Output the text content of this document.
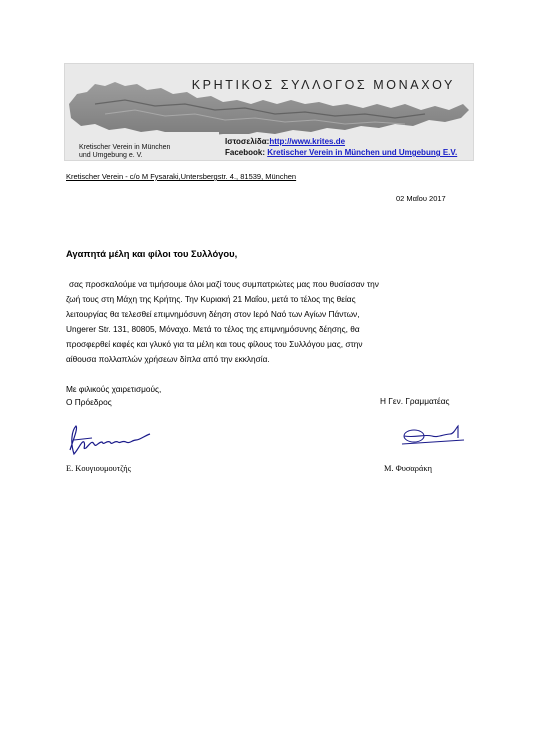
ΚΡΗΤΙΚΟΣ ΣΥΛΛΟΓΟΣ ΜΟΝΑΧΟΥ
Kretischer Verein in München
und Umgebung e. V.
Ιστοσελίδα:http://www.krites.de
Facebook: Kretischer Verein in München und Umgebung E.V.
Kretischer Verein - c/o M Fysaraki,Untersbergstr. 4., 81539, München
02 Μαΐου 2017
Αγαπητά μέλη και φίλοι του Συλλόγου,
σας προσκαλούμε να τιμήσουμε όλοι μαζί τους συμπατριώτες μας που θυσίασαν την
ζωή τους στη Μάχη της Κρήτης. Την Κυριακή 21 Μαΐου, μετά το τέλος της θείας
λειτουργίας θα τελεσθεί επιμνημόσυνη δέηση στον Ιερό Ναό των Αγίων Πάντων,
Ungerer Str. 131, 80805, Μόναχο. Μετά το τέλος της επιμνημόσυνης δέησης, θα
προσφερθεί καφές και γλυκό για τα μέλη και τους φίλους του Συλλόγου μας, στην
αίθουσα πολλαπλών χρήσεων δίπλα από την εκκλησία.
Με φιλικούς χαιρετισμούς,
Ο Πρόεδρος	Η Γεν. Γραμματέας
Ε. Κουγιουμουτζής	Μ. Φυσαράκη
